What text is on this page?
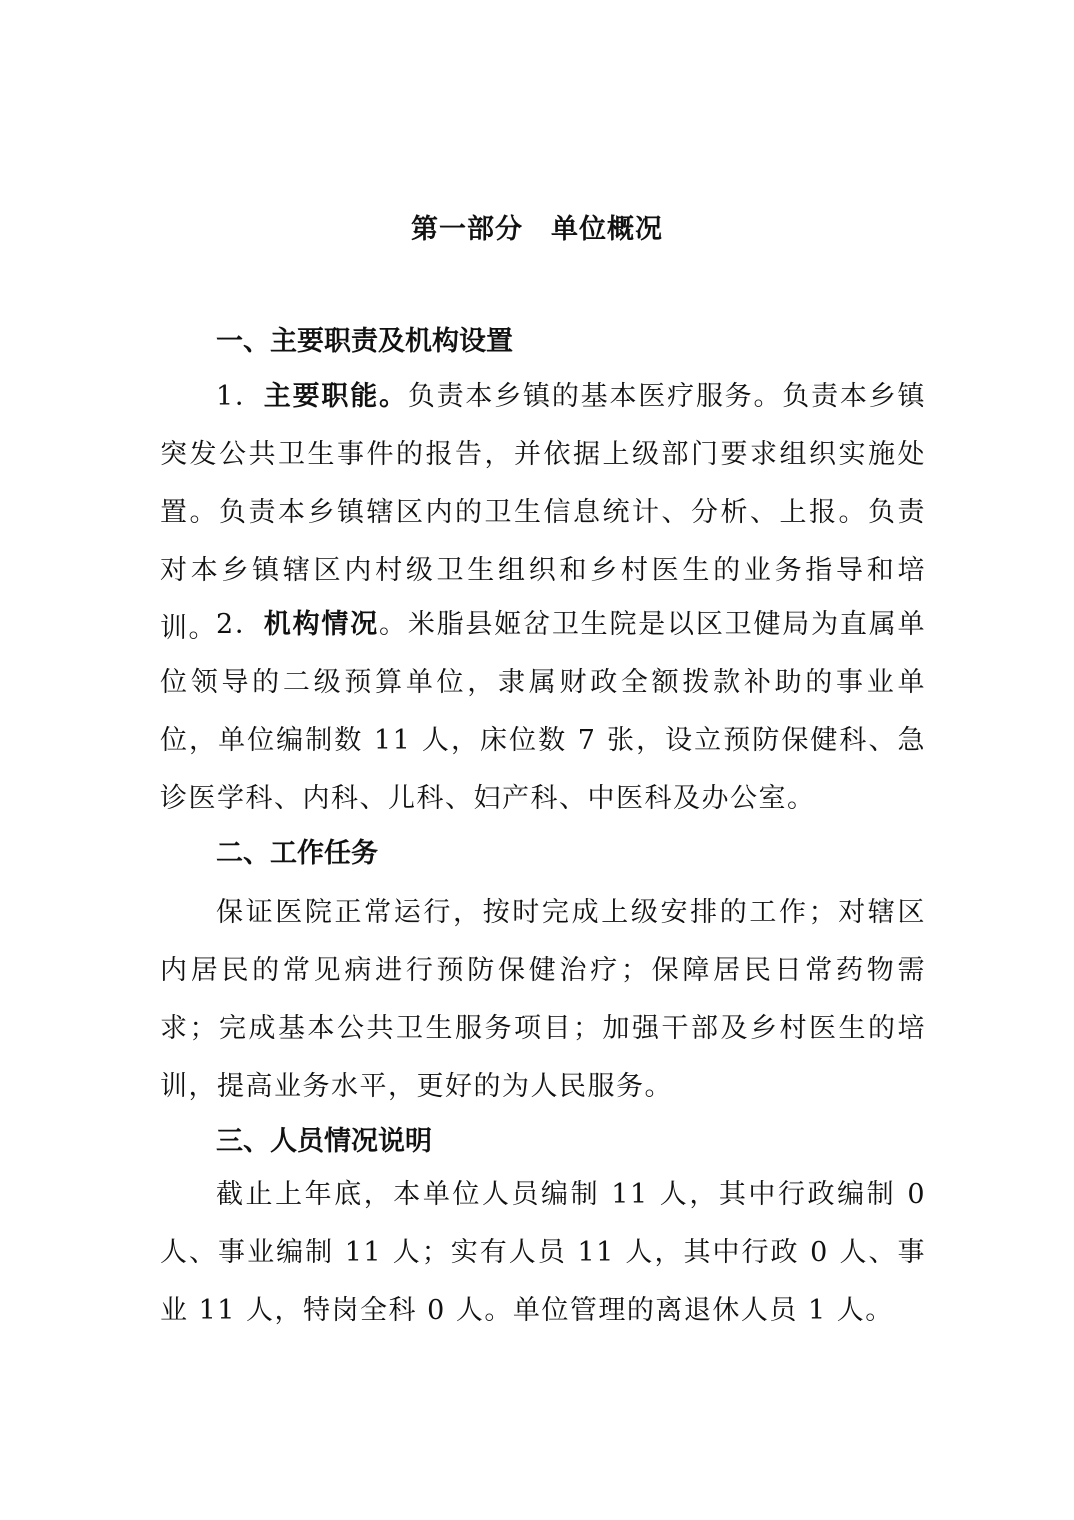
第一部分　单位概况
一、主要职责及机构设置
1．主要职能。负责本乡镇的基本医疗服务。负责本乡镇突发公共卫生事件的报告，并依据上级部门要求组织实施处置。负责本乡镇辖区内的卫生信息统计、分析、上报。负责对本乡镇辖区内村级卫生组织和乡村医生的业务指导和培训。 2．机构情况。米脂县姬岔卫生院是以区卫健局为直属单位领导的二级预算单位，隶属财政全额拨款补助的事业单位，单位编制数 11 人，床位数 7 张，设立预防保健科、急诊医学科、内科、儿科、妇产科、中医科及办公室。
二、工作任务
保证医院正常运行，按时完成上级安排的工作；对辖区内居民的常见病进行预防保健治疗；保障居民日常药物需求；完成基本公共卫生服务项目；加强干部及乡村医生的培训，提高业务水平，更好的为人民服务。
三、人员情况说明
截止上年底，本单位人员编制 11 人，其中行政编制 0 人、事业编制 11 人；实有人员 11 人，其中行政 0 人、事业 11 人，特岗全科 0 人。单位管理的离退休人员 1 人。
